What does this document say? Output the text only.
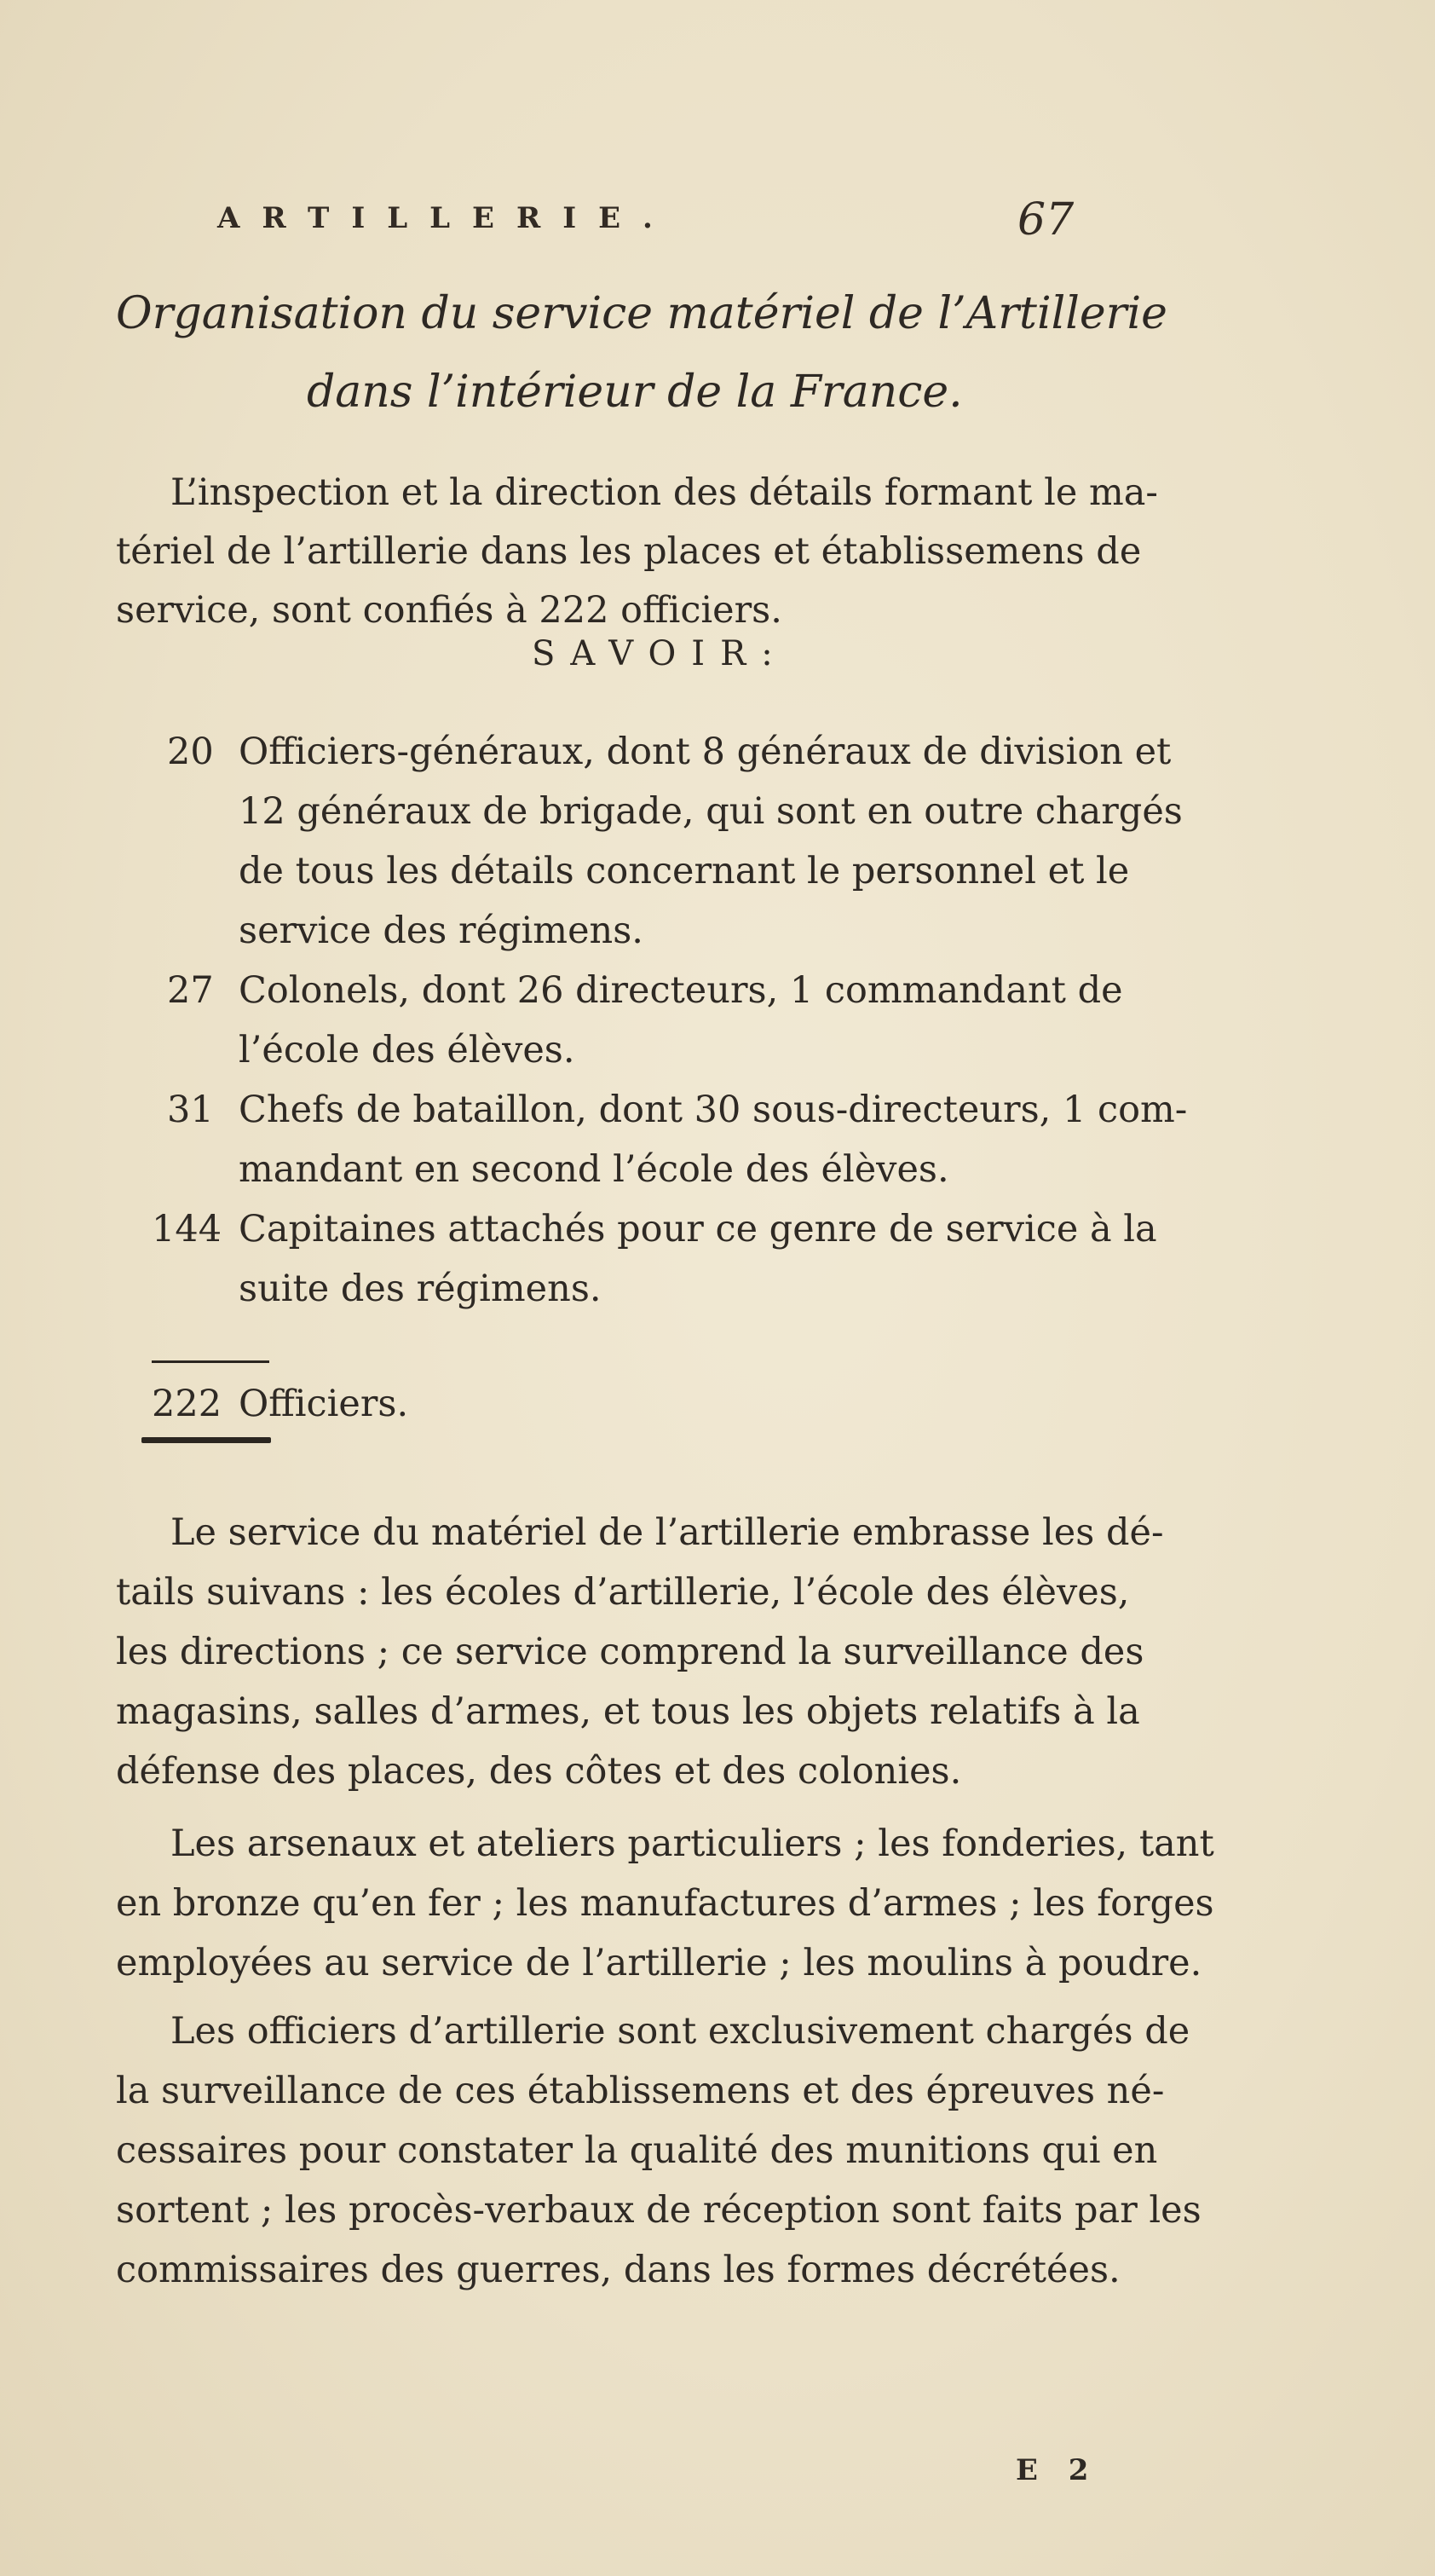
ARTILLERIE.	67
Organisation du service matériel de l’Artillerie
dans l’intérieur de la France.
L’inspection et la direction des détails formant le ma-
tériel de l’artillerie dans les places et établissemens de
service, sont confiés à 222 officiers.
SAVOIR:
20 Officiers-généraux, dont 8 généraux de division et
12 généraux de brigade, qui sont en outre chargés
de tous les détails concernant le personnel et le
service des régimens.
27 Colonels, dont 26 directeurs, 1 commandant de
l’école des élèves.
31 Chefs de bataillon, dont 30 sous-directeurs, 1 com-
mandant en second l’école des élèves.
144 Capitaines attachés pour ce genre de service à la
suite des régimens.
222 Officiers.
Le service du matériel de l’artillerie embrasse les dé-
tails suivans : les écoles d’artillerie, l’école des élèves,
les directions ; ce service comprend la surveillance des
magasins, salles d’armes, et tous les objets relatifs à la
défense des places, des côtes et des colonies.
Les arsenaux et ateliers particuliers ; les fonderies, tant
en bronze qu’en fer ; les manufactures d’armes ; les forges
employées au service de l’artillerie ; les moulins à poudre.
Les officiers d’artillerie sont exclusivement chargés de
la surveillance de ces établissemens et des épreuves né-
cessaires pour constater la qualité des munitions qui en
sortent ; les procès-verbaux de réception sont faits par les
commissaires des guerres, dans les formes décrétées.
E 2
